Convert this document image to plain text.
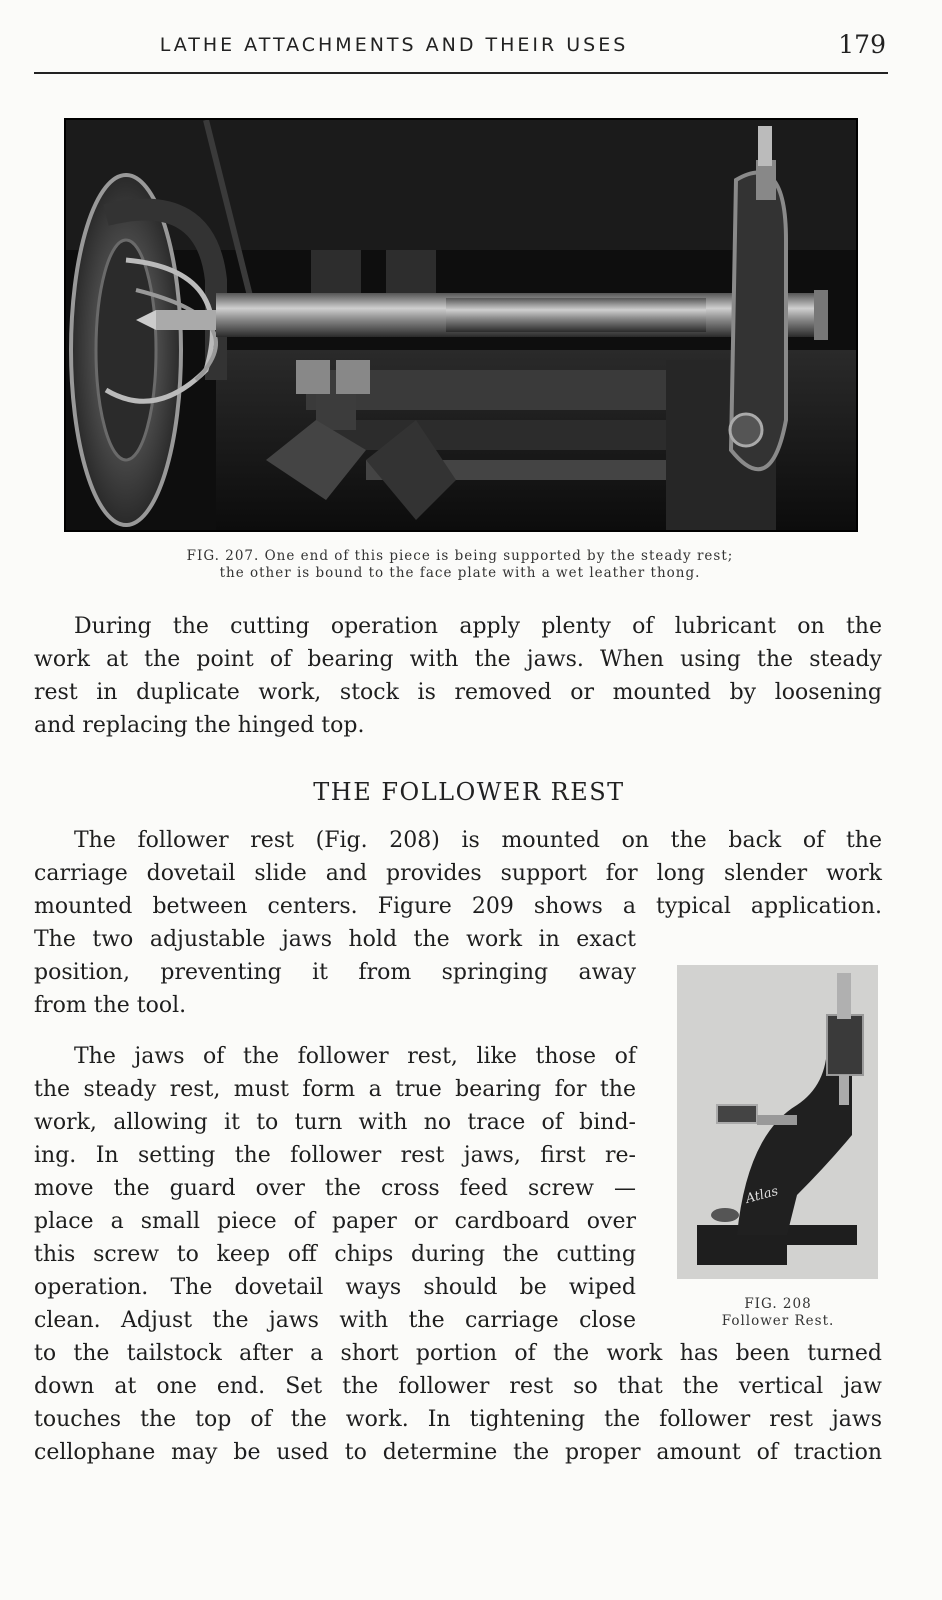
LATHE ATTACHMENTS AND THEIR USES	179
FIG. 207. One end of this piece is being supported by the steady rest;
the other is bound to the face plate with a wet leather thong.
During the cutting operation apply plenty of lubricant on the
work at the point of bearing with the jaws. When using the steady
rest in duplicate work, stock is removed or mounted by loosening
and replacing the hinged top.
THE FOLLOWER REST
The follower rest (Fig. 208) is mounted on the back of the
carriage dovetail slide and provides support for long slender work
mounted between centers. Figure 209 shows a typical application.
The two adjustable jaws hold the work in exact
position, preventing it from springing away
from the tool.
The jaws of the follower rest, like those of
the steady rest, must form a true bearing for the
work, allowing it to turn with no trace of bind-
ing. In setting the follower rest jaws, first re-
move the guard over the cross feed screw —
place a small piece of paper or cardboard over
this screw to keep off chips during the cutting
operation. The dovetail ways should be wiped
clean. Adjust the jaws with the carriage close
to the tailstock after a short portion of the work has been turned
down at one end. Set the follower rest so that the vertical jaw
touches the top of the work. In tightening the follower rest jaws
cellophane may be used to determine the proper amount of traction
Atlas
FIG. 208
Follower Rest.
